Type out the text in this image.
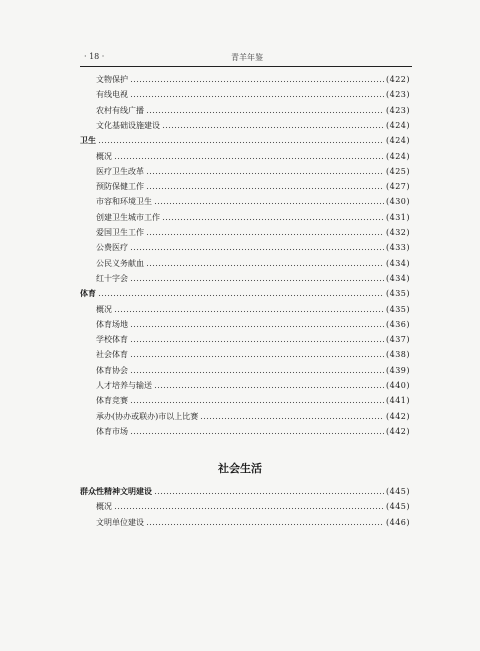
· 18 ·	青羊年鉴
文物保护	(422)
有线电视	(423)
农村有线广播	(423)
文化基础设施建设	(424)
卫生	(424)
概况	(424)
医疗卫生改革	(425)
预防保健工作	(427)
市容和环境卫生	(430)
创建卫生城市工作	(431)
爱国卫生工作	(432)
公费医疗	(433)
公民义务献血	(434)
红十字会	(434)
体育	(435)
概况	(435)
体育场地	(436)
学校体育	(437)
社会体育	(438)
体育协会	(439)
人才培养与输送	(440)
体育竞赛	(441)
承办(协办或联办)市以上比赛	(442)
体育市场	(442)
社会生活
群众性精神文明建设	(445)
概况	(445)
文明单位建设	(446)
